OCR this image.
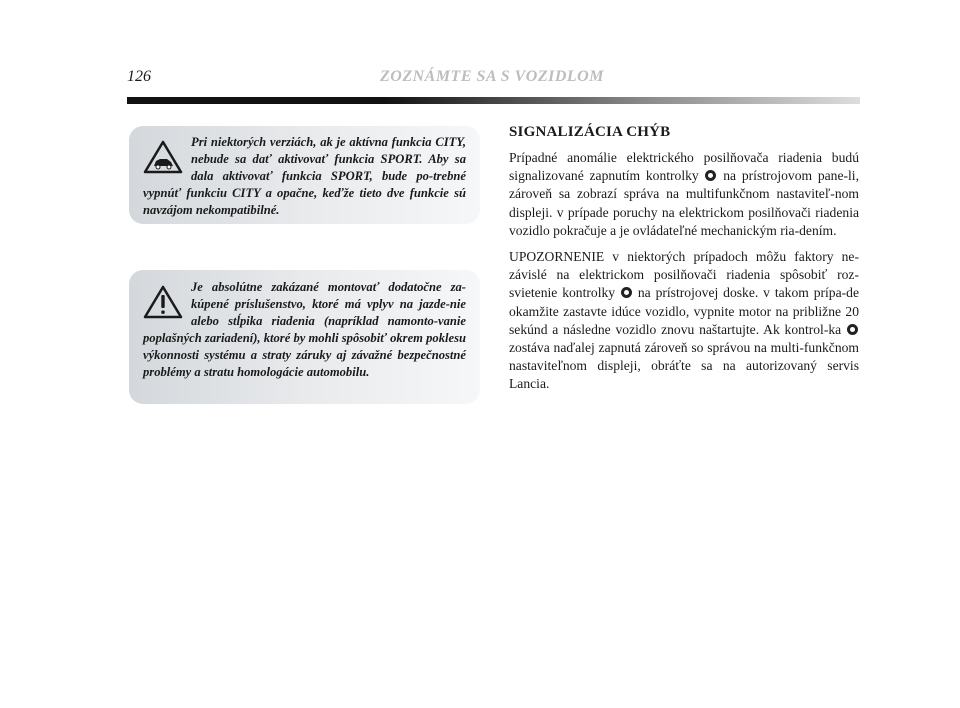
126	ZOZNÁMTE SA S VOZIDLOM

Pri niektorých verziách, ak je aktívna funkcia CITY, nebude sa dať aktivovať funkcia SPORT. Aby sa dala aktivovať funkcia SPORT, bude po-trebné vypnúť funkciu CITY a opačne, keďže tieto dve funkcie sú navzájom nekompatibilné.

Je absolútne zakázané montovať dodatočne za-kúpené príslušenstvo, ktoré má vplyv na jazde-nie alebo stĺpika riadenia (napríklad namonto-vanie poplašných zariadení), ktoré by mohli spôsobiť okrem poklesu výkonnosti systému a straty záruky aj závažné bezpečnostné problémy a stratu homologácie automobilu.

SIGNALIZÁCIA CHÝB

Prípadné anomálie elektrického posilňovača riadenia budú signalizované zapnutím kontrolky na prístrojovom pane-li, zároveň sa zobrazí správa na multifunkčnom nastaviteľ-nom displeji. v prípade poruchy na elektrickom posilňovači riadenia vozidlo pokračuje a je ovládateľné mechanickým ria-dením.

UPOZORNENIE v niektorých prípadoch môžu faktory ne-závislé na elektrickom posilňovači riadenia spôsobiť roz-svietenie kontrolky na prístrojovej doske. v takom prípa-de okamžite zastavte idúce vozidlo, vypnite motor na približne 20 sekúnd a následne vozidlo znovu naštartujte. Ak kontrol-ka  zostáva naďalej zapnutá zároveň so správou na multi-funkčnom nastaviteľnom displeji, obráťte sa na autorizovaný servis Lancia.
